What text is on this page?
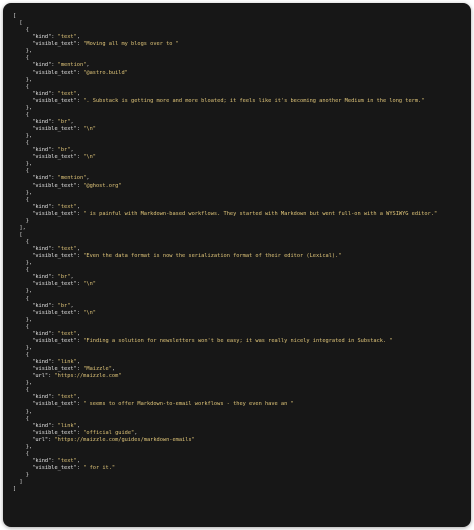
[
[
{
"kind": "text",
"visible_text": "Moving all my blogs over to "
},
{
"kind": "mention",
"visible_text": "@astro.build"
},
{
"kind": "text",
"visible_text": ". Substack is getting more and more bloated; it feels like it's becoming another Medium in the long term."
},
{
"kind": "br",
"visible_text": "\n"
},
{
"kind": "br",
"visible_text": "\n"
},
{
"kind": "mention",
"visible_text": "@ghost.org"
},
{
"kind": "text",
"visible_text": " is painful with Markdown-based workflows. They started with Markdown but went full-on with a WYSIWYG editor."
}
],
[
{
"kind": "text",
"visible_text": "Even the data format is now the serialization format of their editor (Lexical)."
},
{
"kind": "br",
"visible_text": "\n"
},
{
"kind": "br",
"visible_text": "\n"
},
{
"kind": "text",
"visible_text": "Finding a solution for newsletters won't be easy; it was really nicely integrated in Substack. "
},
{
"kind": "link",
"visible_text": "Maizzle",
"url": "https://maizzle.com"
},
{
"kind": "text",
"visible_text": " seems to offer Markdown-to-email workflows - they even have an "
},
{
"kind": "link",
"visible_text": "official guide",
"url": "https://maizzle.com/guides/markdown-emails"
},
{
"kind": "text",
"visible_text": " for it."
}
]
]
